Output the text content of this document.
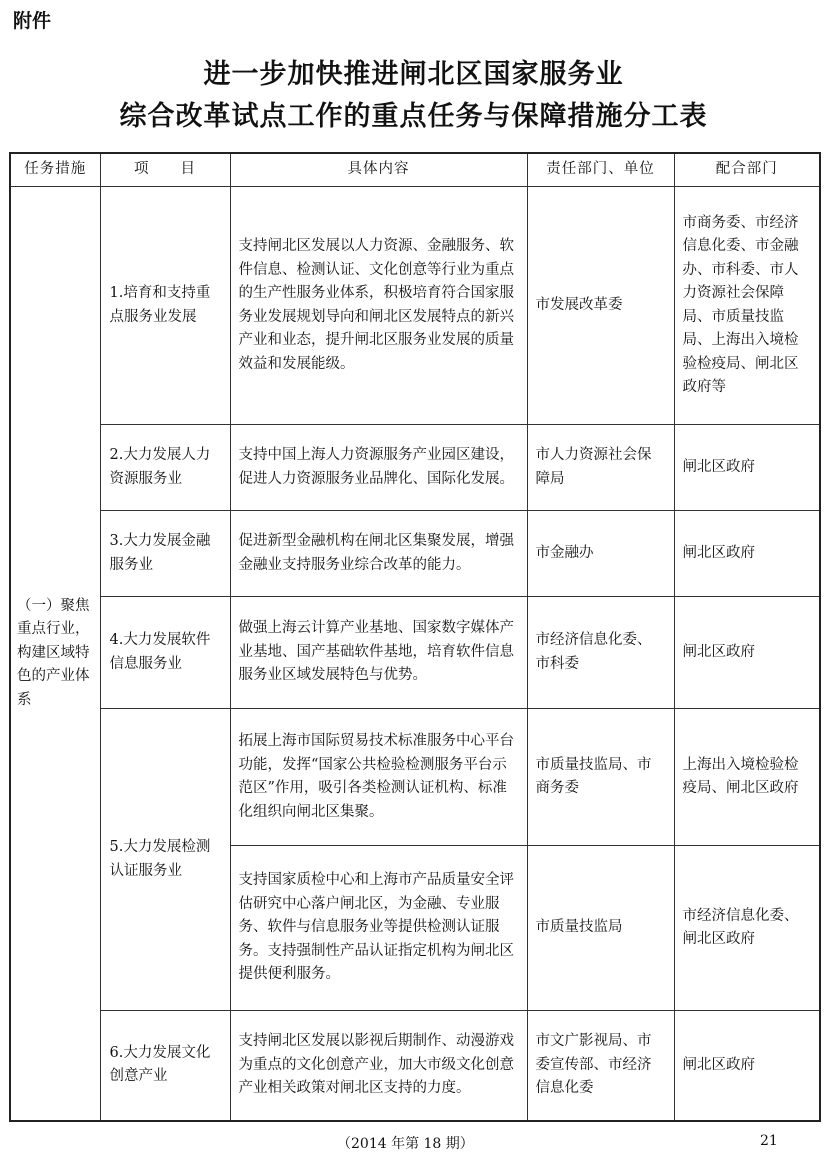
附件
进一步加快推进闸北区国家服务业
综合改革试点工作的重点任务与保障措施分工表
任务措施	项　　目	具体内容	责任部门、单位	配合部门
（一）聚焦重点行业，构建区域特色的产业体系	1.培育和支持重点服务业发展	支持闸北区发展以人力资源、金融服务、软件信息、检测认证、文化创意等行业为重点的生产性服务业体系，积极培育符合国家服务业发展规划导向和闸北区发展特点的新兴产业和业态，提升闸北区服务业发展的质量效益和发展能级。	市发展改革委	市商务委、市经济信息化委、市金融办、市科委、市人力资源社会保障局、市质量技监局、上海出入境检验检疫局、闸北区政府等
	2.大力发展人力资源服务业	支持中国上海人力资源服务产业园区建设，促进人力资源服务业品牌化、国际化发展。	市人力资源社会保障局	闸北区政府
	3.大力发展金融服务业	促进新型金融机构在闸北区集聚发展，增强金融业支持服务业综合改革的能力。	市金融办	闸北区政府
	4.大力发展软件信息服务业	做强上海云计算产业基地、国家数字媒体产业基地、国产基础软件基地，培育软件信息服务业区域发展特色与优势。	市经济信息化委、市科委	闸北区政府
	5.大力发展检测认证服务业	拓展上海市国际贸易技术标准服务中心平台功能，发挥“国家公共检验检测服务平台示范区”作用，吸引各类检测认证机构、标准化组织向闸北区集聚。	市质量技监局、市商务委	上海出入境检验检疫局、闸北区政府
		支持国家质检中心和上海市产品质量安全评估研究中心落户闸北区，为金融、专业服务、软件与信息服务业等提供检测认证服务。支持强制性产品认证指定机构为闸北区提供便利服务。	市质量技监局	市经济信息化委、闸北区政府
	6.大力发展文化创意产业	支持闸北区发展以影视后期制作、动漫游戏为重点的文化创意产业，加大市级文化创意产业相关政策对闸北区支持的力度。	市文广影视局、市委宣传部、市经济信息化委	闸北区政府
（2014 年第 18 期）	21
